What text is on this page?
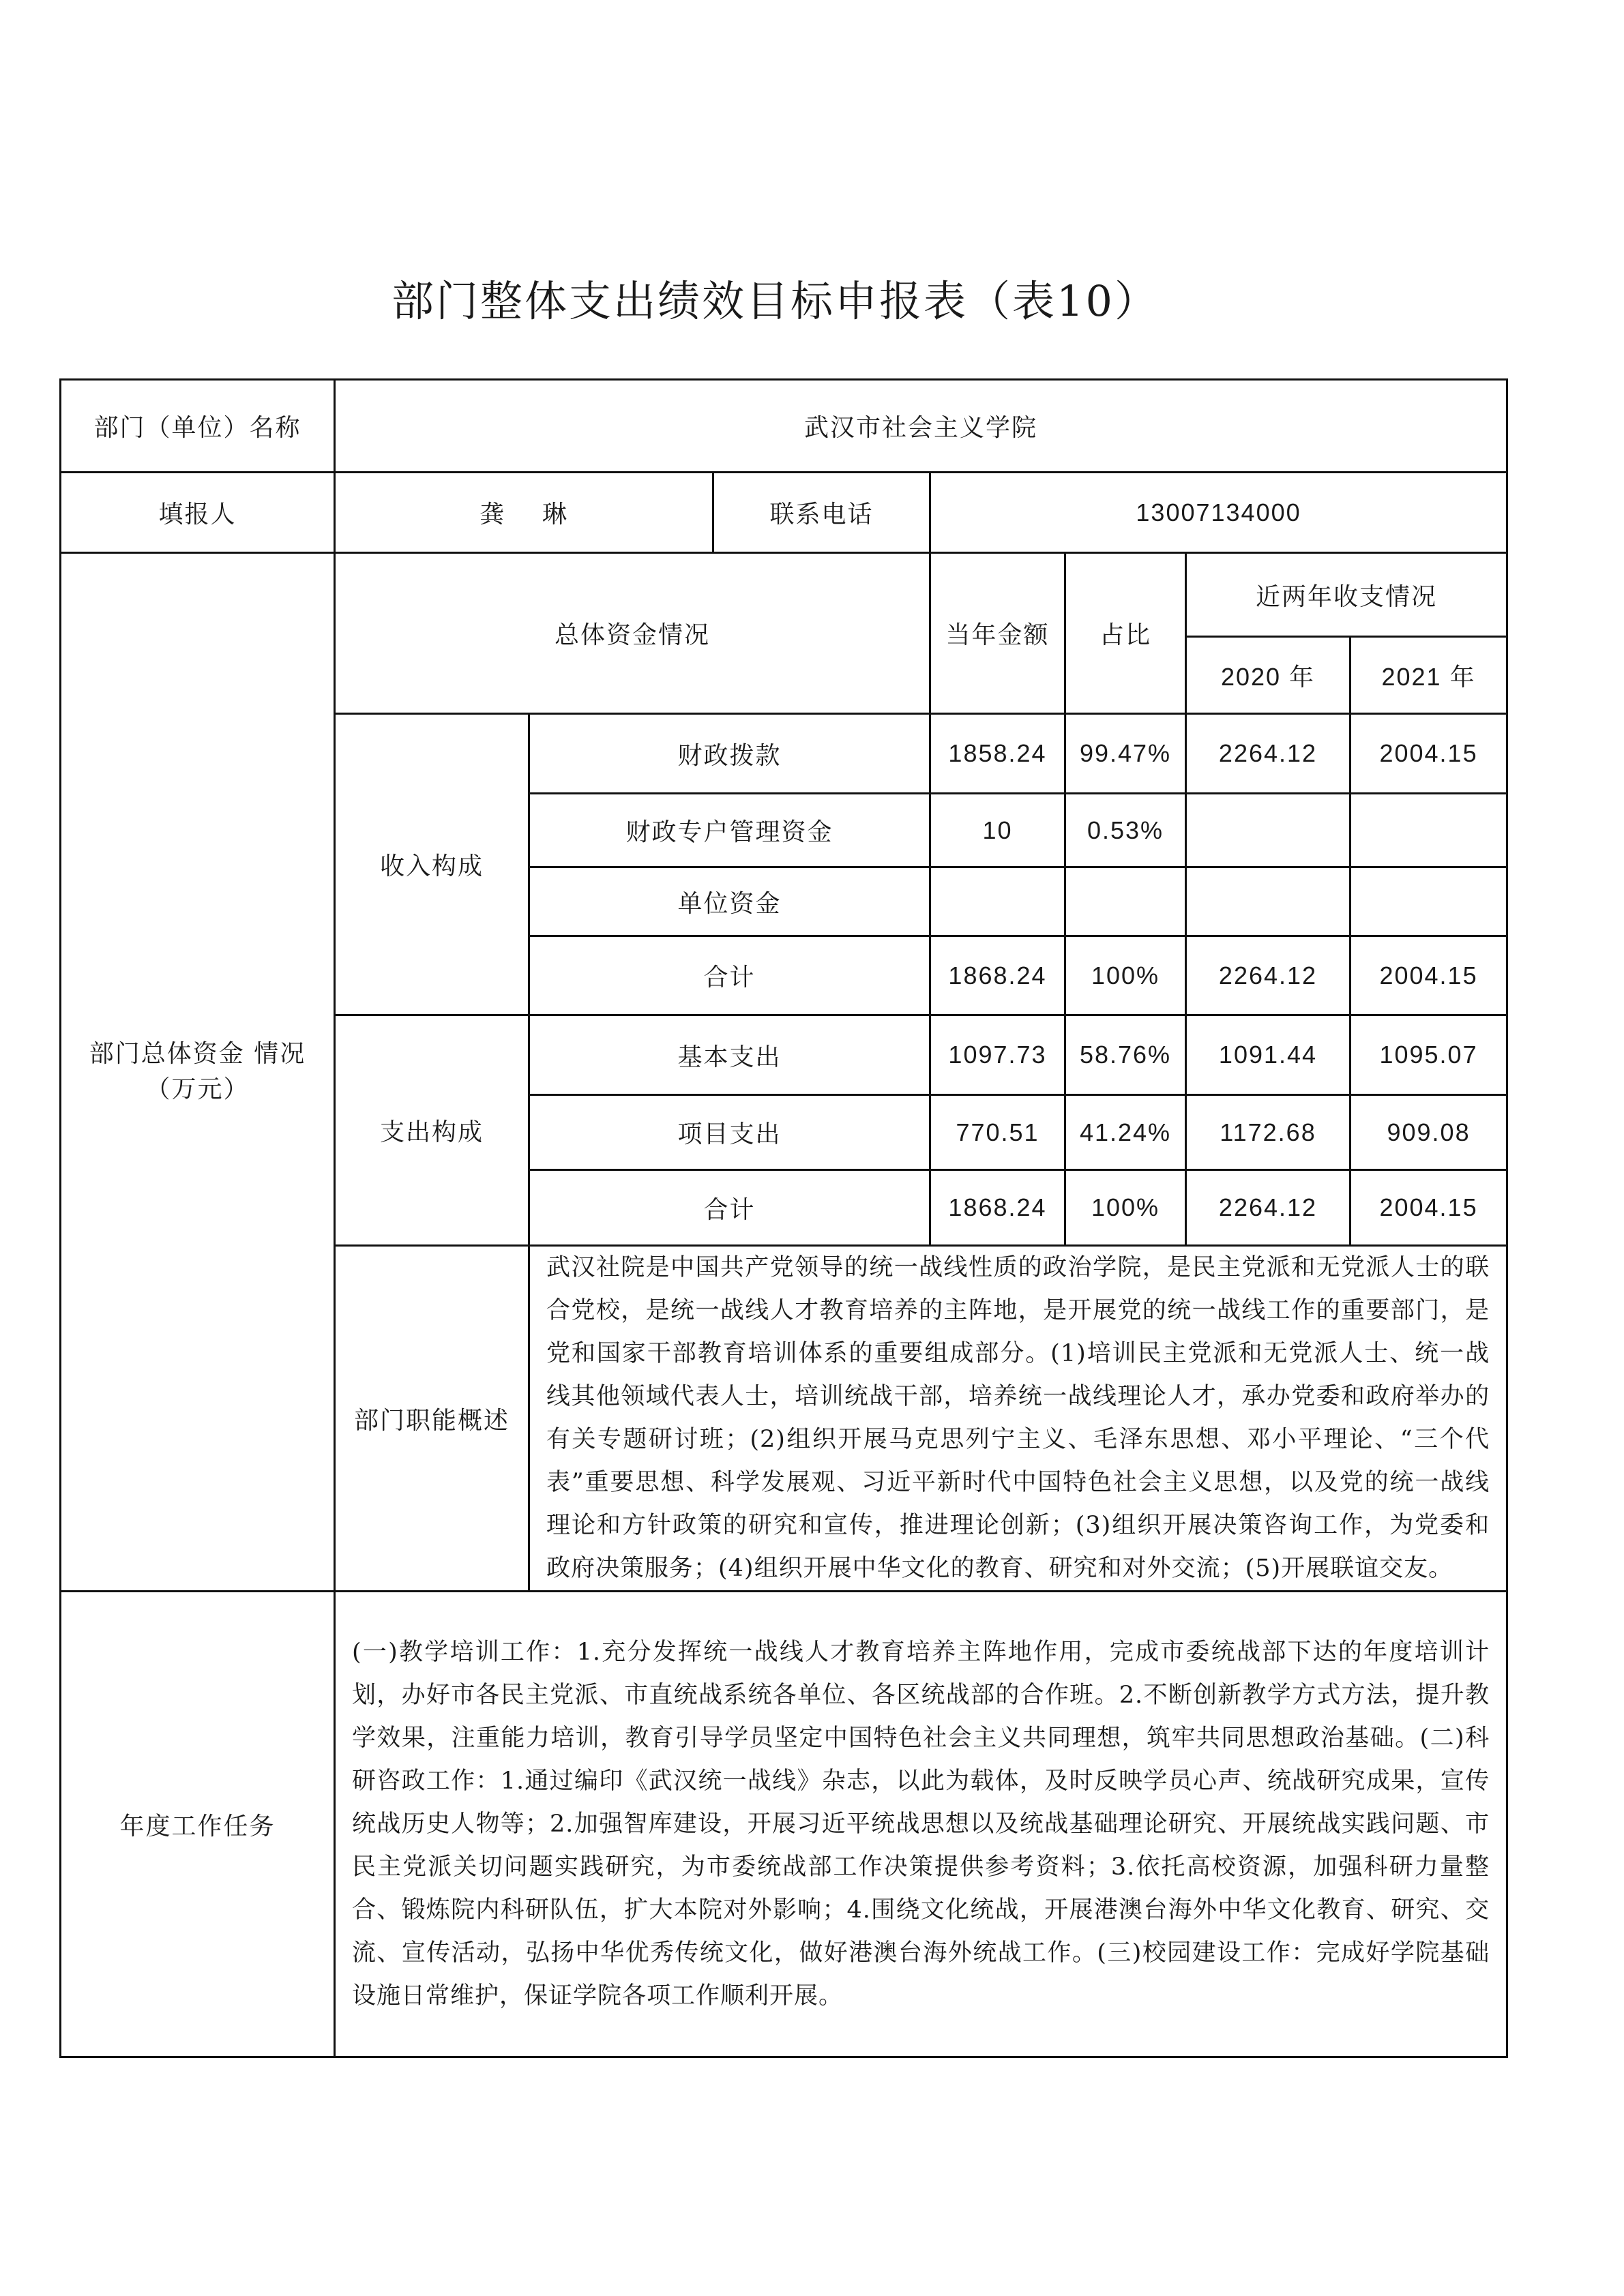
部门整体支出绩效目标申报表（表10）
部门（单位）名称	武汉市社会主义学院						
填报人	龚    琳		联系电话	13007134000			
部门总体资金 情况（万元）	总体资金情况			当年金额	占比	近两年收支情况	
						2020 年	2021 年
	收入构成	财政拨款		1858.24	99.47%	2264.12	2004.15
		财政专户管理资金		10	0.53%		
		单位资金					
		合计		1868.24	100%	2264.12	2004.15
	支出构成	基本支出		1097.73	58.76%	1091.44	1095.07
		项目支出		770.51	41.24%	1172.68	909.08
		合计		1868.24	100%	2264.12	2004.15
	部门职能概述	武汉社院是中国共产党领导的统一战线性质的政治学院，是民主党派和无党派人士的联合党校，是统一战线人才教育培养的主阵地，是开展党的统一战线工作的重要部门，是党和国家干部教育培训体系的重要组成部分。(1)培训民主党派和无党派人士、统一战线其他领域代表人士，培训统战干部，培养统一战线理论人才，承办党委和政府举办的有关专题研讨班；(2)组织开展马克思列宁主义、毛泽东思想、邓小平理论、“三个代表”重要思想、科学发展观、习近平新时代中国特色社会主义思想，以及党的统一战线理论和方针政策的研究和宣传，推进理论创新；(3)组织开展决策咨询工作，为党委和政府决策服务；(4)组织开展中华文化的教育、研究和对外交流；(5)开展联谊交友。					
年度工作任务	(一)教学培训工作：1.充分发挥统一战线人才教育培养主阵地作用，完成市委统战部下达的年度培训计划，办好市各民主党派、市直统战系统各单位、各区统战部的合作班。2.不断创新教学方式方法，提升教学效果，注重能力培训，教育引导学员坚定中国特色社会主义共同理想，筑牢共同思想政治基础。(二)科研咨政工作：1.通过编印《武汉统一战线》杂志，以此为载体，及时反映学员心声、统战研究成果，宣传统战历史人物等；2.加强智库建设，开展习近平统战思想以及统战基础理论研究、开展统战实践问题、市民主党派关切问题实践研究，为市委统战部工作决策提供参考资料；3.依托高校资源，加强科研力量整合、锻炼院内科研队伍，扩大本院对外影响；4.围绕文化统战，开展港澳台海外中华文化教育、研究、交流、宣传活动，弘扬中华优秀传统文化，做好港澳台海外统战工作。(三)校园建设工作：完成好学院基础设施日常维护，保证学院各项工作顺利开展。						
